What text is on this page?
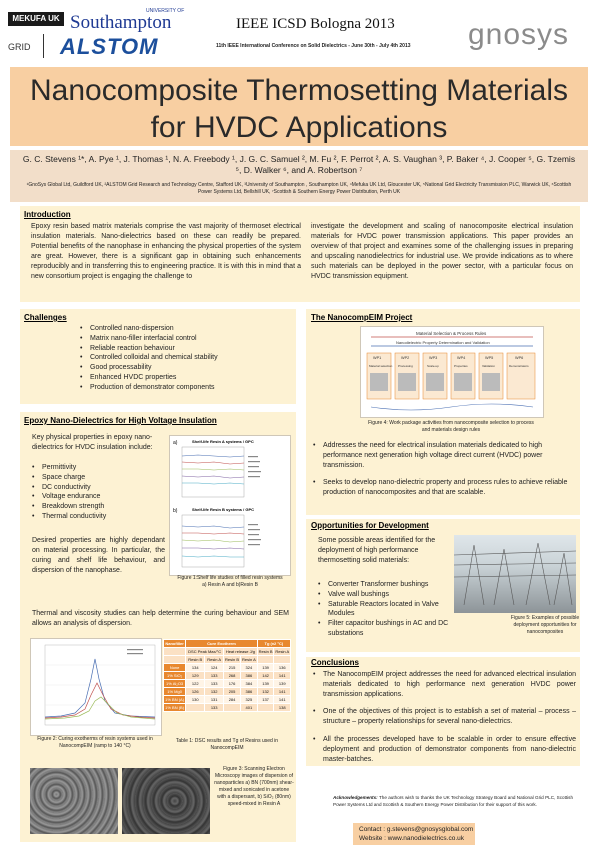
MEKUFA UK
UNIVERSITY OF
Southampton
GRID ALSTOM
IEEE ICSD Bologna 2013
11th IEEE International Conference on Solid Dielectrics - June 30th - July 4th 2013 gnosys
Nanocomposite Thermosetting Materials
for HVDC Applications
G. C. Stevens ¹*, A. Pye ¹, J. Thomas ¹, N. A. Freebody ¹, J. G. C. Samuel ², M. Fu ², F. Perrot ², A. S. Vaughan ³, P. Baker ⁴, J. Cooper ⁵, G. Tzemis ⁵, D. Walker ⁶, and A. Robertson ⁷
¹GnoSys Global Ltd, Guildford UK, ²ALSTOM Grid Research and Technology Centre, Stafford UK, ³University of Southampton , Southampton UK, ⁴Mefuka UK Ltd, Gloucester UK, ⁵National Grid Electricity Transmission PLC, Warwick UK, ⁶Scottish Power Systems Ltd, Bellshill UK, ⁷Scottish & Southern Energy Power Distribution, Perth UK
Introduction
Epoxy resin based matrix materials comprise the vast majority of thermoset electrical insulation materials. Nano-dielectrics based on these can readily be prepared. Potential benefits of the nanophase in enhancing the physical properties of the system are great. However, there is a significant gap in obtaining such enhancements reproducibly and in transferring this to engineering practice. It is with this in mind that a new consortium project is engaging the challenge to
investigate the development and scaling of nanocomposite electrical insulation materials for HVDC power transmission applications. This paper provides an overview of that project and examines some of the challenging issues in preparing and upscaling nanodielectrics for industrial use. We provide indications as to where such materials can be deployed in the power sector, with a particular focus on HVDC transmission equipment.
Challenges
• Controlled nano-dispersion
• Matrix nano-filler interfacial control
• Reliable reaction behaviour
• Controlled colloidal and chemical stability
• Good processability
• Enhanced HVDC properties
• Production of demonstrator components
Epoxy Nano-Dielectrics for High Voltage Insulation
Key physical properties in epoxy nano-dielectrics for HVDC insulation include:
• Permittivity
• Space charge
• DC conductivity
• Voltage endurance
• Breakdown strength
• Thermal conductivity
Desired properties are highly dependant on material processing. In particular, the curing and shelf life behaviour, and dispersion of the nanophase.
a)	Shelf-life Resin A systems / GPC
b)	Shelf-life Resin B systems / GPC
Figure 1:Shelf life studies of filled resin systems a) Resin A and b)Resin B
Thermal and viscosity studies can help determine the curing behaviour and SEM allows an analysis of dispersion.
Figure 2: Curing exotherms of resin systems used in NanocompEIM (ramp to 140 °C)
Nanofiller	Cure Exotherm				Tg (±2 °C)	
	DSC Peak Max/°C		Heat release J/g		Resin B	Resin A
	Resin B	Resin A	Resin B	Resin A		
None	134	124	215	324	139	136
1% SiO₂	129	133	268	386	142	141
1% Al₂O3	122	133	176	384	139	139
1% Mg0	126	132	205	386	132	141
1% BN (A)	130	131	284	325	137	141
1% BN (B)		133		401		138
Table 1: DSC results and Tg of Resins used in NanocompEIM
Figure 3: Scanning Electron Microscopy images of dispersion of nanoparticles a) BN (700nm) shear-mixed and sonicated in acetone with a dispersant, b) SiO₂ (80nm) speed-mixed in Resin A
The NanocompEIM Project
Material Selection & Process Rules
Nanodielectric Property Determination and Validation
WP1
Material selection
WP2
Processing
WP3
Scale-up
WP4
Properties
WP5
Validation
WP6
Demonstrators
Figure 4: Work package activities from nanocomposite selection to process and materials design rules
• Addresses the need for electrical insulation materials dedicated to high performance next generation high voltage direct current (HVDC) power transmission.
• Seeks to develop nano-dielectric property and process rules to achieve reliable production of nanocomposites and that are scalable.
Opportunities for Development
Some possible areas identified for the deployment of high performance thermosetting solid materials:
• Converter Transformer bushings
• Valve wall bushings
• Saturable Reactors located in Valve Modules
• Filter capacitor bushings in AC and DC substations
Figure 5: Examples of possible deployment opportunities for nanocomposites
Conclusions
• The NanocompEIM project addresses the need for advanced electrical insulation materials dedicated to high performance next generation HVDC power transmission applications.
• One of the objectives of this project is to establish a set of material – process – structure – property relationships for several nano-dielectrics.
• All the processes developed have to be scalable in order to ensure effective deployment and production of demonstrator components from nano-dielectric master-batches.
Acknowledgements: The authors wish to thanks the UK Technology Strategy Board and National Grid PLC, Scottish Power Systems Ltd and Scottish & Southern Energy Power Distribution for their support of this work.
Contact : g.stevens@gnosysglobal.com
Website : www.nanodielectrics.co.uk
